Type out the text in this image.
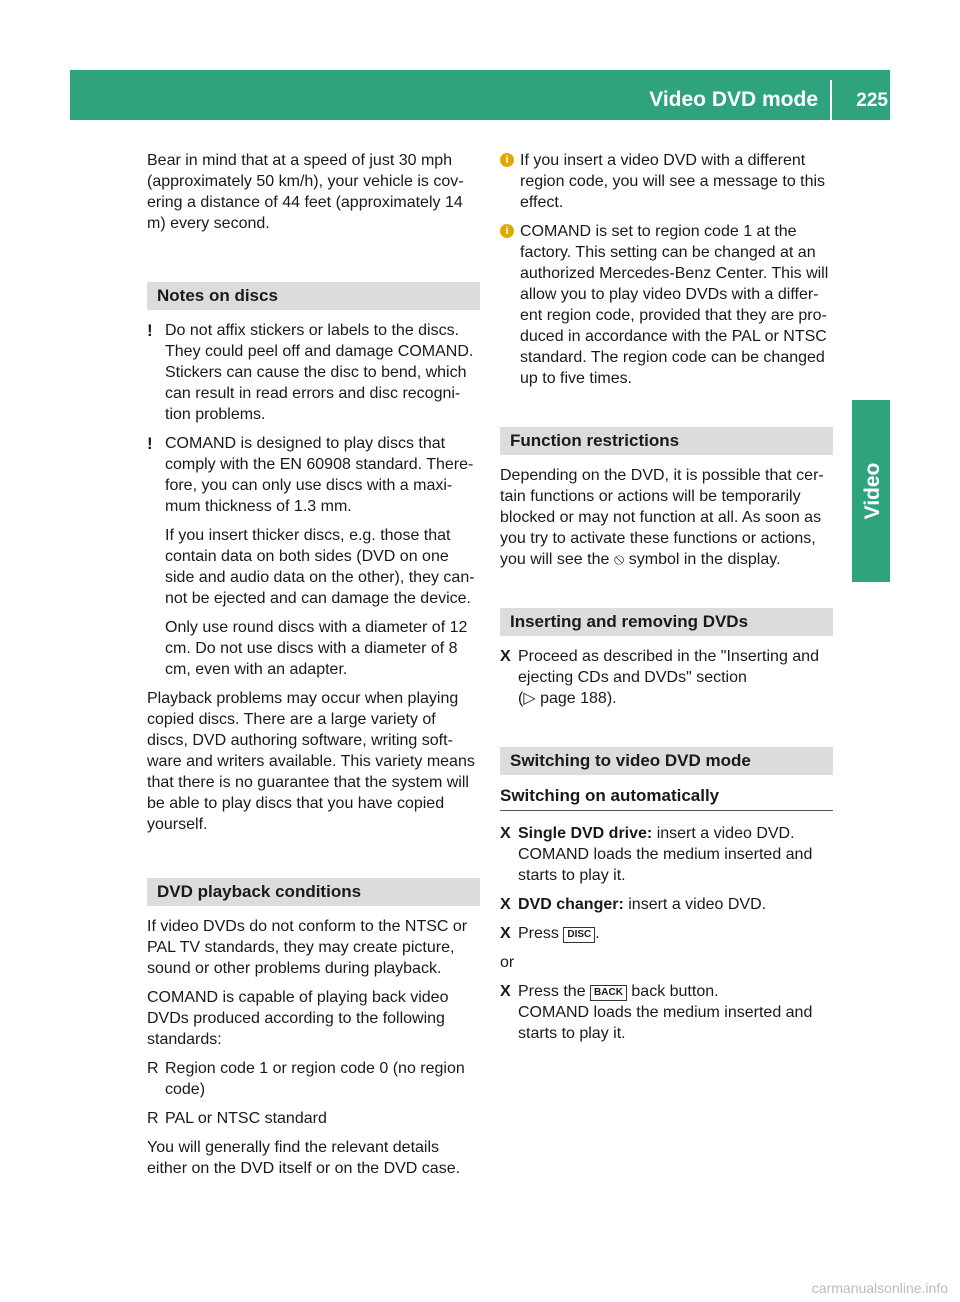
Video DVD mode 225
Video

Bear in mind that at a speed of just 30 mph (approximately 50 km/h), your vehicle is cov-ering a distance of 44 feet (approximately 14 m) every second.

Notes on discs
! Do not affix stickers or labels to the discs. They could peel off and damage COMAND. Stickers can cause the disc to bend, which can result in read errors and disc recogni-tion problems.
! COMAND is designed to play discs that comply with the EN 60908 standard. There-fore, you can only use discs with a maxi-mum thickness of 1.3 mm.

If you insert thicker discs, e.g. those that contain data on both sides (DVD on one side and audio data on the other), they can-not be ejected and can damage the device.

Only use round discs with a diameter of 12 cm. Do not use discs with a diameter of 8 cm, even with an adapter.

Playback problems may occur when playing copied discs. There are a large variety of discs, DVD authoring software, writing soft-ware and writers available. This variety means that there is no guarantee that the system will be able to play discs that you have copied yourself.

DVD playback conditions

If video DVDs do not conform to the NTSC or PAL TV standards, they may create picture, sound or other problems during playback.

COMAND is capable of playing back video DVDs produced according to the following standards:

R Region code 1 or region code 0 (no region code)
R PAL or NTSC standard

You will generally find the relevant details either on the DVD itself or on the DVD case.

i If you insert a video DVD with a different region code, you will see a message to this effect.
i COMAND is set to region code 1 at the factory. This setting can be changed at an authorized Mercedes-Benz Center. This will allow you to play video DVDs with a differ-ent region code, provided that they are pro-duced in accordance with the PAL or NTSC standard. The region code can be changed up to five times.
Function restrictions

Depending on the DVD, it is possible that cer-tain functions or actions will be temporarily blocked or may not function at all. As soon as you try to activate these functions or actions, you will see the ⦸ symbol in the display.

Inserting and removing DVDs
X Proceed as described in the "Inserting and ejecting CDs and DVDs" section
(▷ page 188).
Switching to video DVD mode
Switching on automatically
X Single DVD drive: insert a video DVD.
COMAND loads the medium inserted and starts to play it.
X DVD changer: insert a video DVD.
X Press DISC .

or

X Press the BACK back button.
COMAND loads the medium inserted and starts to play it.
carmanualsonline.info
